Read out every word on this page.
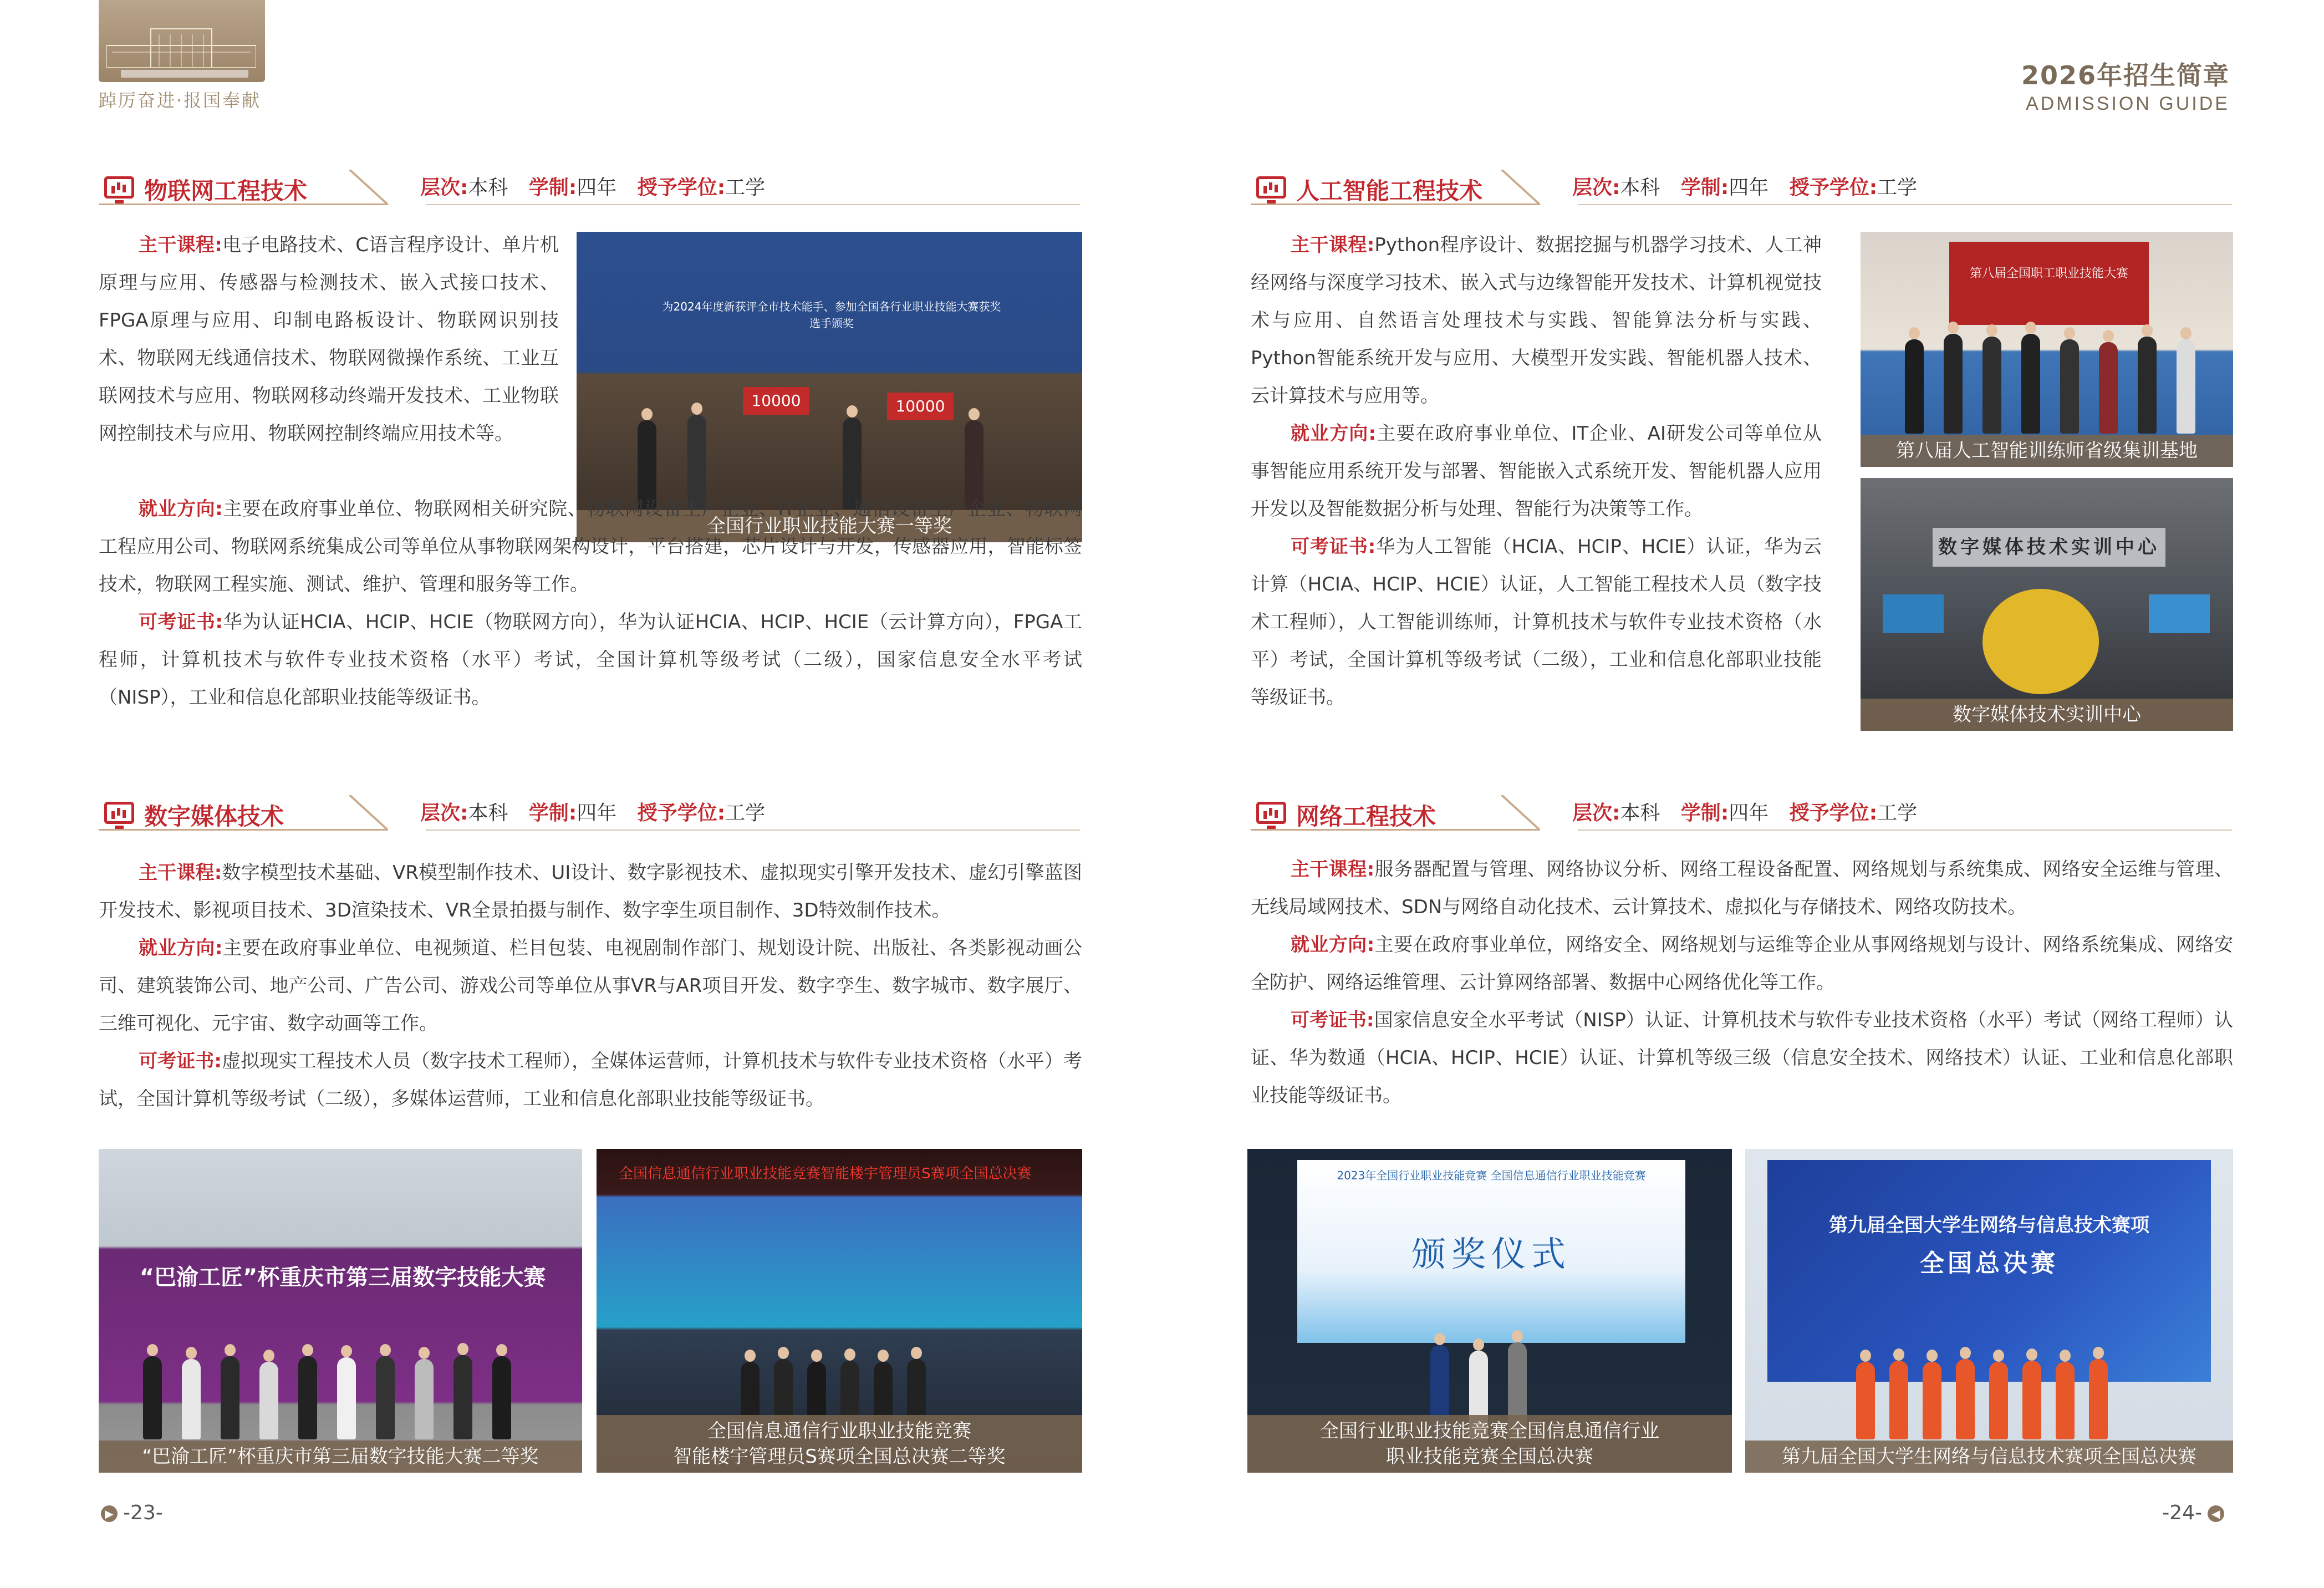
踔厉奋进·报国奉献
2026年招生简章
ADMISSION GUIDE
物联网工程技术	层次:本科 学制:四年 授予学位:工学
为2024年度新获评全市技术能手、参加全国各行业职业技能大赛获奖选手颁奖
10000	10000
全国行业职业技能大赛一等奖

主干课程:电子电路技术、C语言程序设计、单片机原理与应用、传感器与检测技术、嵌入式接口技术、FPGA原理与应用、印制电路板设计、物联网识别技术、物联网无线通信技术、物联网微操作系统、工业互联网技术与应用、物联网移动终端开发技术、工业物联网控制技术与应用、物联网控制终端应用技术等。

就业方向:主要在政府事业单位、物联网相关研究院、物联网设备生产企业、IT企业、通信设备生产企业、物联网工程应用公司、物联网系统集成公司等单位从事物联网架构设计，平台搭建，芯片设计与开发，传感器应用，智能标签技术，物联网工程实施、测试、维护、管理和服务等工作。

可考证书:华为认证HCIA、HCIP、HCIE（物联网方向），华为认证HCIA、HCIP、HCIE（云计算方向），FPGA工程师，计算机技术与软件专业技术资格（水平）考试，全国计算机等级考试（二级），国家信息安全水平考试（NISP），工业和信息化部职业技能等级证书。

人工智能工程技术	层次:本科 学制:四年 授予学位:工学

主干课程:Python程序设计、数据挖掘与机器学习技术、人工神经网络与深度学习技术、嵌入式与边缘智能开发技术、计算机视觉技术与应用、自然语言处理技术与实践、智能算法分析与实践、Python智能系统开发与应用、大模型开发实践、智能机器人技术、云计算技术与应用等。

就业方向:主要在政府事业单位、IT企业、AI研发公司等单位从事智能应用系统开发与部署、智能嵌入式系统开发、智能机器人应用开发以及智能数据分析与处理、智能行为决策等工作。

可考证书:华为人工智能（HCIA、HCIP、HCIE）认证，华为云计算（HCIA、HCIP、HCIE）认证，人工智能工程技术人员（数字技术工程师），人工智能训练师，计算机技术与软件专业技术资格（水平）考试，全国计算机等级考试（二级），工业和信息化部职业技能等级证书。

第八届全国职工职业技能大赛
第八届人工智能训练师省级集训基地
数字媒体技术实训中心
数字媒体技术实训中心
数字媒体技术	层次:本科 学制:四年 授予学位:工学

主干课程:数字模型技术基础、VR模型制作技术、UI设计、数字影视技术、虚拟现实引擎开发技术、虚幻引擎蓝图开发技术、影视项目技术、3D渲染技术、VR全景拍摄与制作、数字孪生项目制作、3D特效制作技术。

就业方向:主要在政府事业单位、电视频道、栏目包装、电视剧制作部门、规划设计院、出版社、各类影视动画公司、建筑装饰公司、地产公司、广告公司、游戏公司等单位从事VR与AR项目开发、数字孪生、数字城市、数字展厅、三维可视化、元宇宙、数字动画等工作。

可考证书:虚拟现实工程技术人员（数字技术工程师），全媒体运营师，计算机技术与软件专业技术资格（水平）考试，全国计算机等级考试（二级），多媒体运营师，工业和信息化部职业技能等级证书。

“巴渝工匠”杯重庆市第三届数字技能大赛
“巴渝工匠”杯重庆市第三届数字技能大赛二等奖
全国信息通信行业职业技能竞赛智能楼宇管理员S赛项全国总决赛
全国信息通信行业职业技能竞赛
智能楼宇管理员S赛项全国总决赛二等奖
网络工程技术	层次:本科 学制:四年 授予学位:工学

主干课程:服务器配置与管理、网络协议分析、网络工程设备配置、网络规划与系统集成、网络安全运维与管理、无线局域网技术、SDN与网络自动化技术、云计算技术、虚拟化与存储技术、网络攻防技术。

就业方向:主要在政府事业单位，网络安全、网络规划与运维等企业从事网络规划与设计、网络系统集成、网络安全防护、网络运维管理、云计算网络部署、数据中心网络优化等工作。

可考证书:国家信息安全水平考试（NISP）认证、计算机技术与软件专业技术资格（水平）考试（网络工程师）认证、华为数通（HCIA、HCIP、HCIE）认证、计算机等级三级（信息安全技术、网络技术）认证、工业和信息化部职业技能等级证书。

2023年全国行业职业技能竞赛 全国信息通信行业职业技能竞赛
颁奖仪式
全国行业职业技能竞赛全国信息通信行业
职业技能竞赛全国总决赛
第九届全国大学生网络与信息技术赛项
全国总决赛
第九届全国大学生网络与信息技术赛项全国总决赛
▶ -23-	-24- ◀
